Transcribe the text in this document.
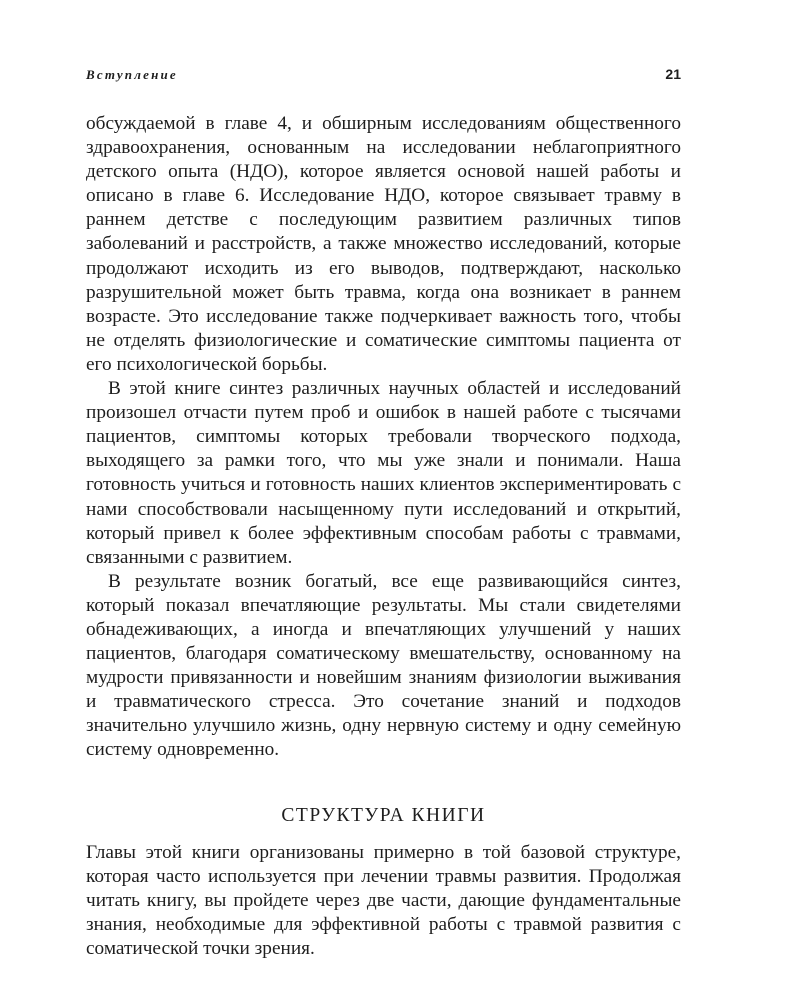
Вступление	21

обсуждаемой в главе 4, и обширным исследованиям общественного здравоохранения, основанным на исследовании неблагоприятного детского опыта (НДО), которое является основой нашей работы и описано в главе 6. Исследование НДО, которое связывает травму в раннем детстве с последующим развитием различных типов заболеваний и расстройств, а также множество исследований, которые продолжают исходить из его выводов, подтверждают, насколько разрушительной может быть травма, когда она возникает в раннем возрасте. Это исследование также подчеркивает важность того, чтобы не отделять физиологические и соматические симптомы пациента от его психологической борьбы.

В этой книге синтез различных научных областей и исследований произошел отчасти путем проб и ошибок в нашей работе с тысячами пациентов, симптомы которых требовали творческого подхода, выходящего за рамки того, что мы уже знали и понимали. Наша готовность учиться и готовность наших клиентов экспериментировать с нами способствовали насыщенному пути исследований и открытий, который привел к более эффективным способам работы с травмами, связанными с развитием.

В результате возник богатый, все еще развивающийся синтез, который показал впечатляющие результаты. Мы стали свидетелями обнадеживающих, а иногда и впечатляющих улучшений у наших пациентов, благодаря соматическому вмешательству, основанному на мудрости привязанности и новейшим знаниям физиологии выживания и травматического стресса. Это сочетание знаний и подходов значительно улучшило жизнь, одну нервную систему и одну семейную систему одновременно.

СТРУКТУРА КНИГИ

Главы этой книги организованы примерно в той базовой структуре, которая часто используется при лечении травмы развития. Продолжая читать книгу, вы пройдете через две части, дающие фундаментальные знания, необходимые для эффективной работы с травмой развития с соматической точки зрения.
